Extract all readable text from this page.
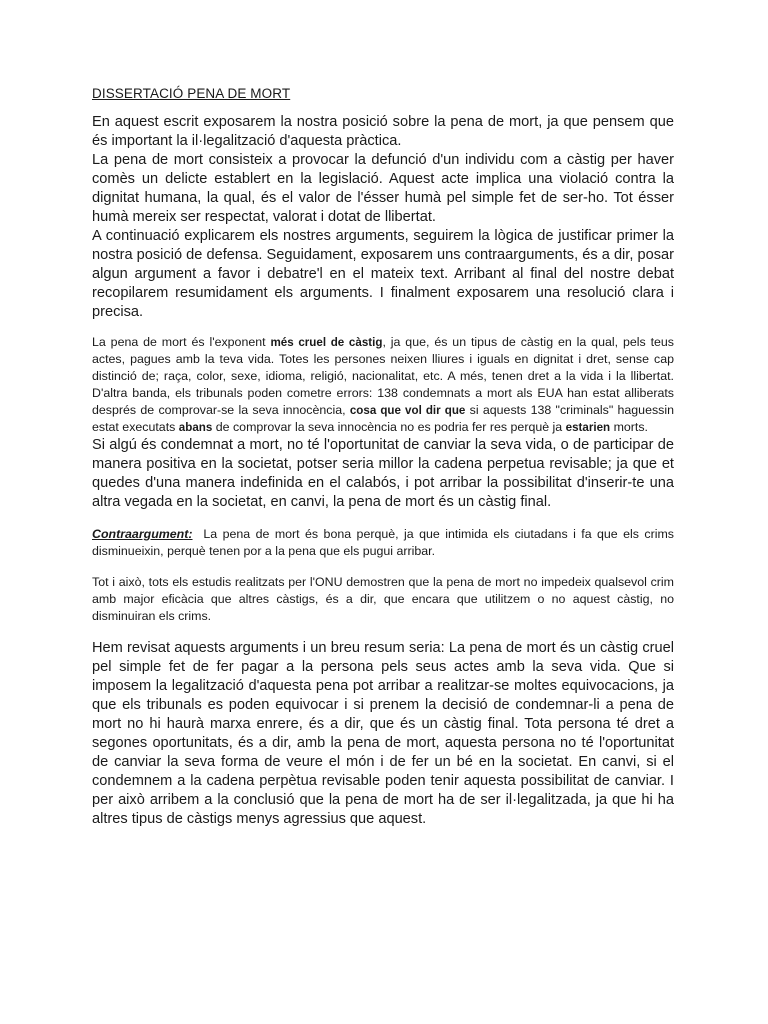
DISSERTACIÓ PENA DE MORT

En aquest escrit exposarem la nostra posició sobre la pena de mort, ja que pensem que és important la il·legalització d'aquesta pràctica.

La pena de mort consisteix a provocar la defunció d'un individu com a càstig per haver comès un delicte establert en la legislació. Aquest acte implica una violació contra la dignitat humana, la qual, és el valor de l'ésser humà pel simple fet de ser-ho. Tot ésser humà mereix ser respectat, valorat i dotat de llibertat.

A continuació explicarem els nostres arguments, seguirem la lògica de justificar primer la nostra posició de defensa. Seguidament, exposarem uns contraarguments, és a dir, posar algun argument a favor i debatre'l en el mateix text. Arribant al final del nostre debat recopilarem resumidament els arguments. I finalment exposarem una resolució clara i precisa.

La pena de mort és l'exponent més cruel de càstig, ja que, és un tipus de càstig en la qual, pels teus actes, pagues amb la teva vida. Totes les persones neixen lliures i iguals en dignitat i dret, sense cap distinció de; raça, color, sexe, idioma, religió, nacionalitat, etc. A més, tenen dret a la vida i la llibertat. D'altra banda, els tribunals poden cometre errors: 138 condemnats a mort als EUA han estat alliberats després de comprovar-se la seva innocència, cosa que vol dir que si aquests 138 "criminals" haguessin estat executats abans de comprovar la seva innocència no es podria fer res perquè ja estarien morts.

Si algú és condemnat a mort, no té l'oportunitat de canviar la seva vida, o de participar de manera positiva en la societat, potser seria millor la cadena perpetua revisable; ja que et quedes d'una manera indefinida en el calabós, i pot arribar la possibilitat d'inserir-te una altra vegada en la societat, en canvi, la pena de mort és un càstig final.

Contraargument:  La pena de mort és bona perquè, ja que intimida els ciutadans i fa que els crims disminueixin, perquè tenen por a la pena que els pugui arribar.

Tot i això, tots els estudis realitzats per l'ONU demostren que la pena de mort no impedeix qualsevol crim amb major eficàcia que altres càstigs, és a dir, que encara que utilitzem o no aquest càstig, no disminuiran els crims.

Hem revisat aquests arguments i un breu resum seria: La pena de mort és un càstig cruel pel simple fet de fer pagar a la persona pels seus actes amb la seva vida. Que si imposem la legalització d'aquesta pena pot arribar a realitzar-se moltes equivocacions, ja que els tribunals es poden equivocar i si prenem la decisió de condemnar-li a pena de mort no hi haurà marxa enrere, és a dir, que és un càstig final. Tota persona té dret a segones oportunitats, és a dir, amb la pena de mort, aquesta persona no té l'oportunitat de canviar la seva forma de veure el món i de fer un bé en la societat. En canvi, si el condemnem a la cadena perpètua revisable poden tenir aquesta possibilitat de canviar. I per això arribem a la conclusió que la pena de mort ha de ser il·legalitzada, ja que hi ha altres tipus de càstigs menys agressius que aquest.
